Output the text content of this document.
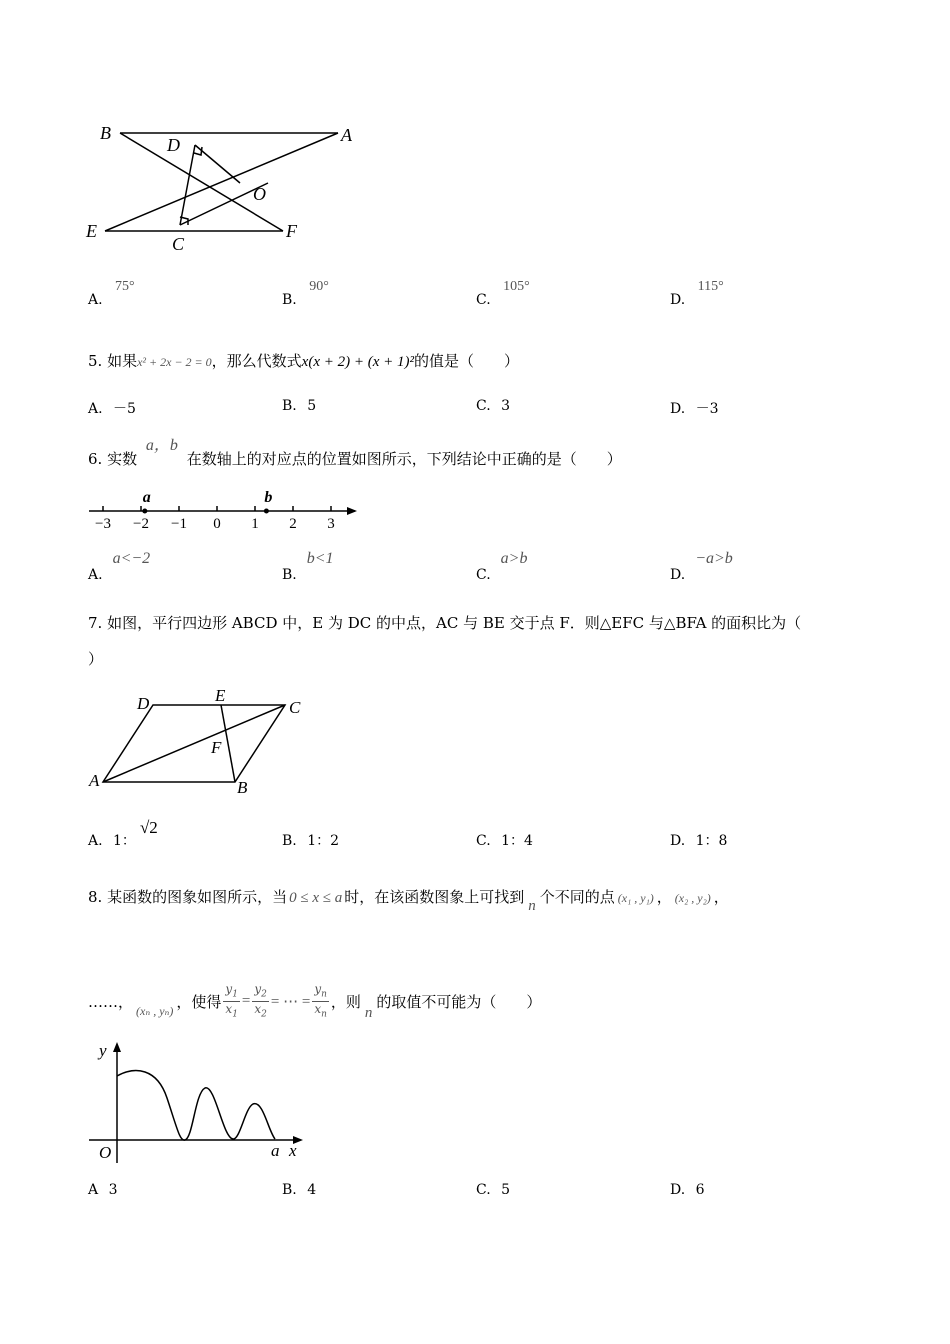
B
D	A
O
E
C
F
A. 75°
B. 90°
C. 105°
D. 115°
5. 如果x² + 2x − 2 = 0，那么代数式x(x + 2) + (x + 1)²的值是（　　）
A. －5	B. 5	C. 3	D. －3
6. 实数 a，b 在数轴上的对应点的位置如图所示，下列结论中正确的是（　　）
−3 −2 −1 0 1 2 3
a	b
A.a<−2
B.b<1
C.a>b
D.−a>b
7. 如图，平行四边形 ABCD 中，E 为 DC 的中点，AC 与 BE 交于点 F．则△EFC 与△BFA 的面积比为（
）
D	E
C
F
A	B
A. 1：√2
B. 1：2	C. 1：4	D. 1：8
8. 某函数的图象如图所示，当 0 ≤ x ≤ a 时，在该函数图象上可找到 n 个不同的点 (x₁ , y₁) ， (x₂ , y₂) ，
……， (xₙ , yₙ) ，使得 $\frac{y_1}{x_1} = \frac{y_2}{x_2}$ = ⋯ = $\frac{y_n}{x_n}$ ，则
n
的取值不可能为（　　）
y
x
O	a
A 3	B. 4	C. 5	D. 6
